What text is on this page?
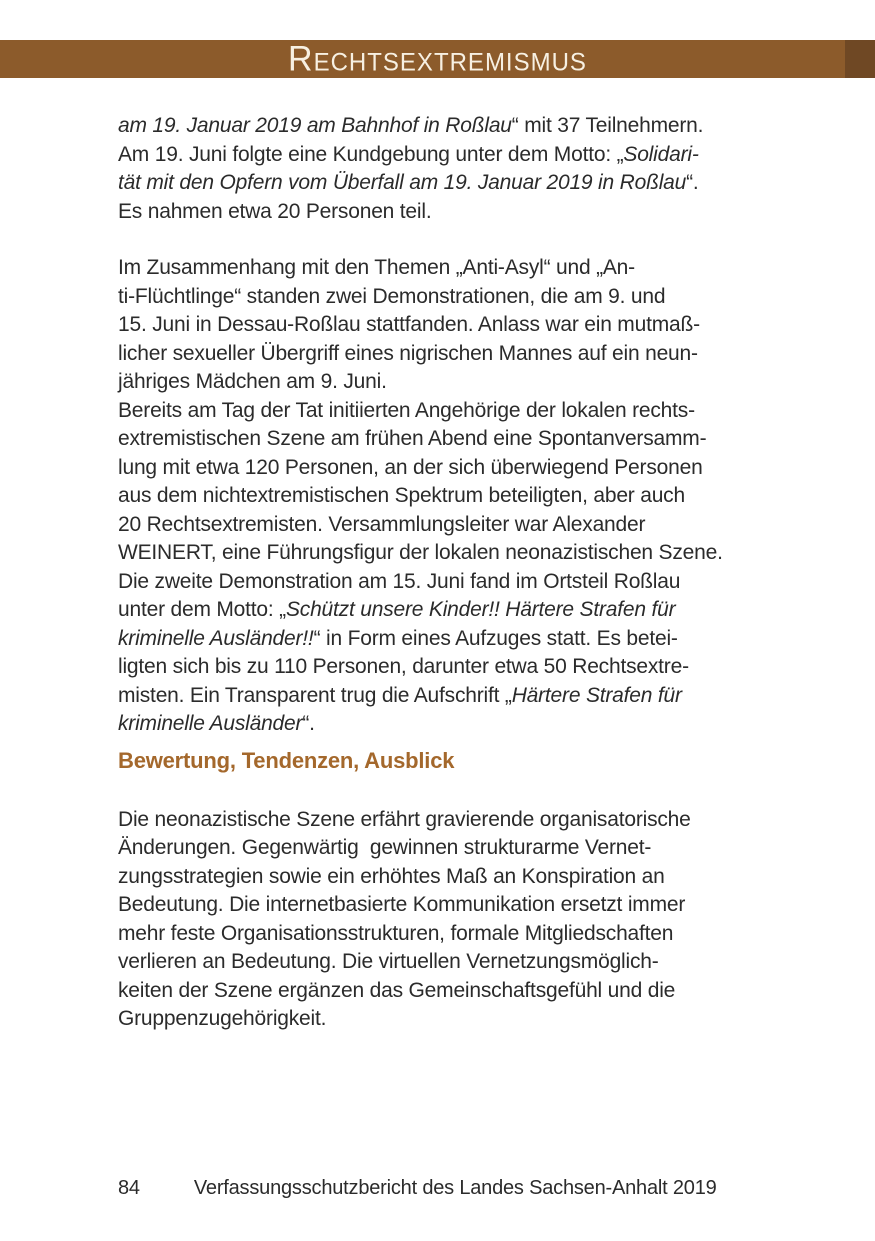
Rechtsextremismus
am 19. Januar 2019 am Bahnhof in Roßlau“ mit 37 Teilnehmern.
Am 19. Juni folgte eine Kundgebung unter dem Motto: „Solidari-
tät mit den Opfern vom Überfall am 19. Januar 2019 in Roßlau“.
Es nahmen etwa 20 Personen teil.
Im Zusammenhang mit den Themen „Anti-Asyl“ und „An-
ti-Flüchtlinge“ standen zwei Demonstrationen, die am 9. und
15. Juni in Dessau-Roßlau stattfanden. Anlass war ein mutmaß-
licher sexueller Übergriff eines nigrischen Mannes auf ein neun-
jähriges Mädchen am 9. Juni.
Bereits am Tag der Tat initiierten Angehörige der lokalen rechts-
extremistischen Szene am frühen Abend eine Spontanversamm-
lung mit etwa 120 Personen, an der sich überwiegend Personen
aus dem nichtextremistischen Spektrum beteiligten, aber auch
20 Rechtsextremisten. Versammlungsleiter war Alexander
WEINERT, eine Führungsfigur der lokalen neonazistischen Szene.
Die zweite Demonstration am 15. Juni fand im Ortsteil Roßlau
unter dem Motto: „Schützt unsere Kinder!! Härtere Strafen für
kriminelle Ausländer!!“ in Form eines Aufzuges statt. Es betei-
ligten sich bis zu 110 Personen, darunter etwa 50 Rechtsextre-
misten. Ein Transparent trug die Aufschrift „Härtere Strafen für
kriminelle Ausländer“.
Bewertung, Tendenzen, Ausblick
Die neonazistische Szene erfährt gravierende organisatorische
Änderungen. Gegenwärtig  gewinnen strukturarme Vernet-
zungsstrategien sowie ein erhöhtes Maß an Konspiration an
Bedeutung. Die internetbasierte Kommunikation ersetzt immer
mehr feste Organisationsstrukturen, formale Mitgliedschaften
verlieren an Bedeutung. Die virtuellen Vernetzungsmöglich-
keiten der Szene ergänzen das Gemeinschaftsgefühl und die
Gruppenzugehörigkeit.
84	Verfassungsschutzbericht des Landes Sachsen-Anhalt 2019
